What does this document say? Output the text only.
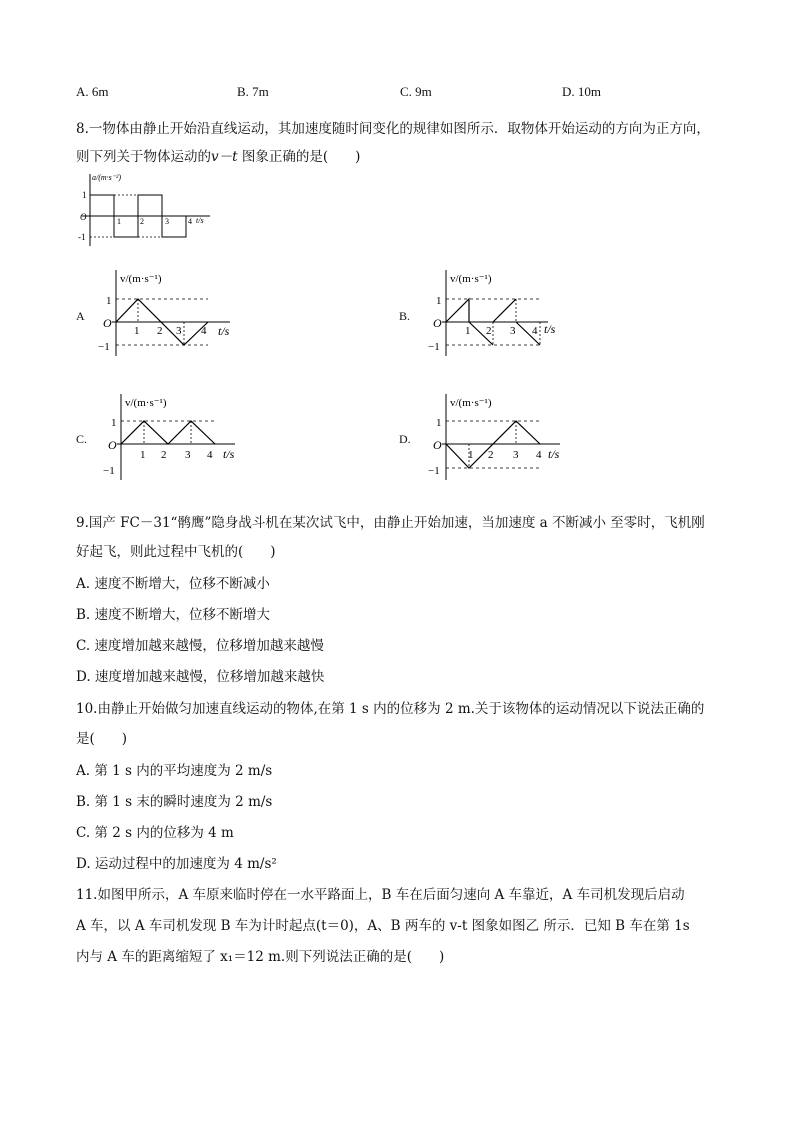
A. 6m	B. 7m	C. 9m	D. 10m
8.一物体由静止开始沿直线运动，其加速度随时间变化的规律如图所示．取物体开始运动的方向为正方向，
则下列关于物体运动的v－t 图象正确的是(　　)
a/(m·s⁻²)
t/s
O
1
-1
1 2	3 4
A
v/(m·s⁻¹)
t/s
O
1
−1
1 2 3 4
B.
v/(m·s⁻¹)
t/s
O
1
−1
1 2 3 4
C.
v/(m·s⁻¹)
t/s
O
1
−1
1 2 3 4
D.
v/(m·s⁻¹)
t/s
O
1
−1
1 2 3 4
9.国产 FC－31“鹘鹰”隐身战斗机在某次试飞中，由静止开始加速，当加速度 a 不断减小 至零时，飞机刚
好起飞，则此过程中飞机的(　　)
A. 速度不断增大，位移不断减小
B. 速度不断增大，位移不断增大
C. 速度增加越来越慢，位移增加越来越慢
D. 速度增加越来越慢，位移增加越来越快
10.由静止开始做匀加速直线运动的物体,在第 1 s 内的位移为 2 m.关于该物体的运动情况以下说法正确的
是(　　)
A. 第 1 s 内的平均速度为 2 m/s
B. 第 1 s 末的瞬时速度为 2 m/s
C. 第 2 s 内的位移为 4 m
D. 运动过程中的加速度为 4 m/s²
11.如图甲所示，A 车原来临时停在一水平路面上，B 车在后面匀速向 A 车靠近，A 车司机发现后启动
A 车，以 A 车司机发现 B 车为计时起点(t＝0)，A、B 两车的 v-t 图象如图乙 所示．已知 B 车在第 1s
内与 A 车的距离缩短了 x₁＝12 m.则下列说法正确的是(　　)
